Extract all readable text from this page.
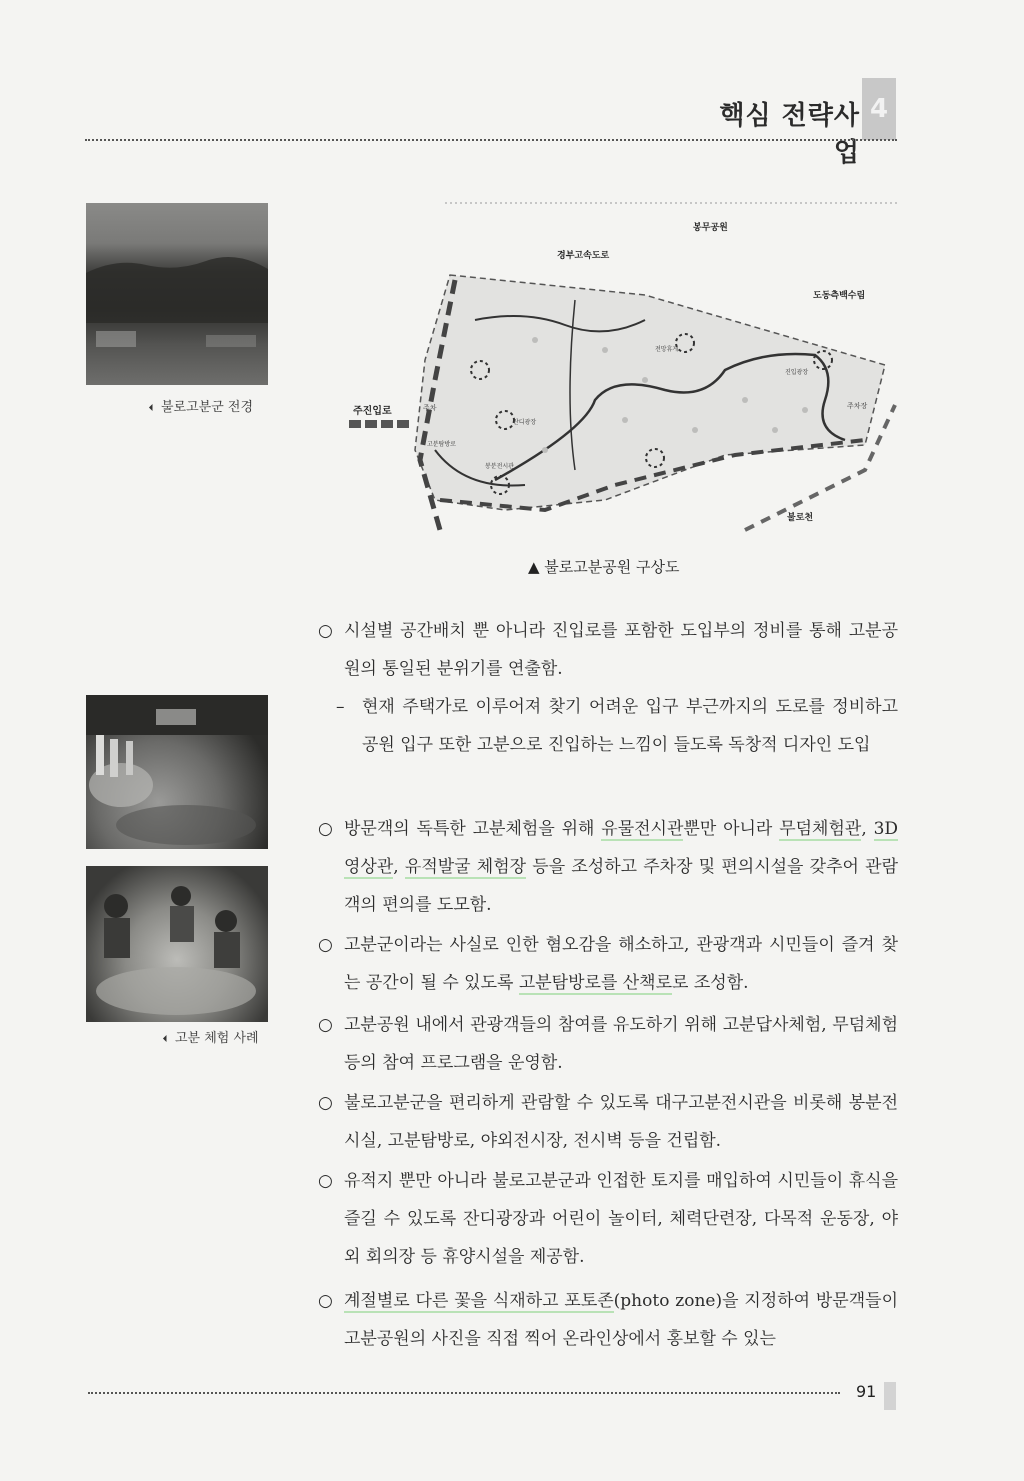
핵심 전략사업
4
불로고분군 전경
고분 체험 사례
봉무공원
경부고속도로
도동측백수림
주진입로	주차	주차장
불로천
잔디광장
전망휴게
진입광장
봉분전시관
고분탐방로
▲ 불로고분공원 구상도
○ 시설별 공간배치 뿐 아니라 진입로를 포함한 도입부의 정비를 통해 고분공원의 통일된 분위기를 연출함.
–	현재 주택가로 이루어져 찾기 어려운 입구 부근까지의 도로를 정비하고 공원 입구 또한 고분으로 진입하는 느낌이 들도록 독창적 디자인 도입
○ 방문객의 독특한 고분체험을 위해 유물전시관뿐만 아니라 무덤체험관, 3D영상관, 유적발굴 체험장 등을 조성하고 주차장 및 편의시설을 갖추어 관람객의 편의를 도모함.
○ 고분군이라는 사실로 인한 혐오감을 해소하고, 관광객과 시민들이 즐겨 찾는 공간이 될 수 있도록 고분탐방로를 산책로로 조성함.
○ 고분공원 내에서 관광객들의 참여를 유도하기 위해 고분답사체험, 무덤체험 등의 참여 프로그램을 운영함.
○ 불로고분군을 편리하게 관람할 수 있도록 대구고분전시관을 비롯해 봉분전시실, 고분탐방로, 야외전시장, 전시벽 등을 건립함.
○ 유적지 뿐만 아니라 불로고분군과 인접한 토지를 매입하여 시민들이 휴식을 즐길 수 있도록 잔디광장과 어린이 놀이터, 체력단련장, 다목적 운동장, 야외 회의장 등 휴양시설을 제공함.
○ 계절별로 다른 꽃을 식재하고 포토존(photo zone)을 지정하여 방문객들이 고분공원의 사진을 직접 찍어 온라인상에서 홍보할 수 있는
91
